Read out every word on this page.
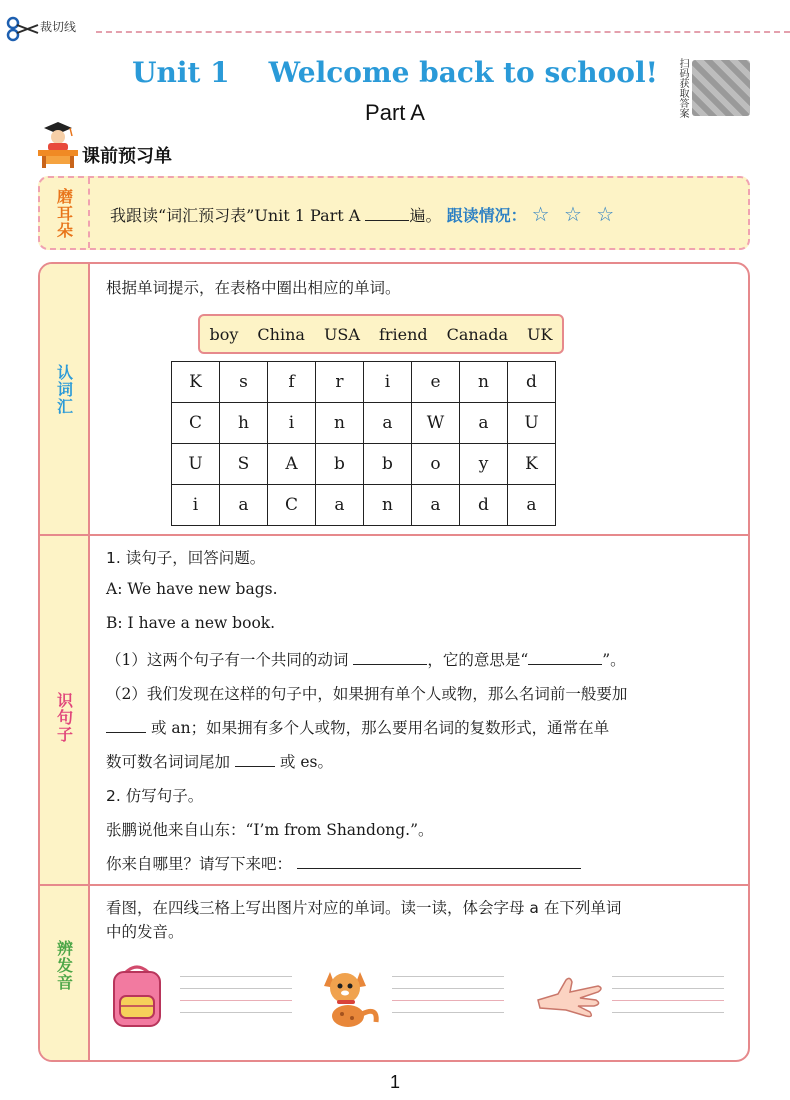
裁切线
Unit 1    Welcome back to school!
Part A	扫码获取答案
课前预习单
磨耳朵 我跟读“词汇预习表”Unit 1 Part A	遍。 跟读情况： ☆ ☆ ☆
认词汇
根据单词提示，在表格中圈出相应的单词。
boy China USA friend Canada UK
K	s	f	r	i	e	n	d
C	h	i	n	a	W	a	U
U	S	A	b	b	o	y	K
i	a	C	a	n	a	d	a
识句子
1. 读句子，回答问题。
A: We have new bags.
B: I have a new book.
（1）这两个句子有一个共同的动词	，它的意思是“	”。
（2）我们发现在这样的句子中，如果拥有单个人或物，那么名词前一般要加
或 an；如果拥有多个人或物，那么要用名词的复数形式，通常在单
数可数名词词尾加	或 es。
2. 仿写句子。
张鹏说他来自山东：“I’m from Shandong.”。
你来自哪里？请写下来吧：
辨发音
看图，在四线三格上写出图片对应的单词。读一读，体会字母 a 在下列单词
中的发音。
1
